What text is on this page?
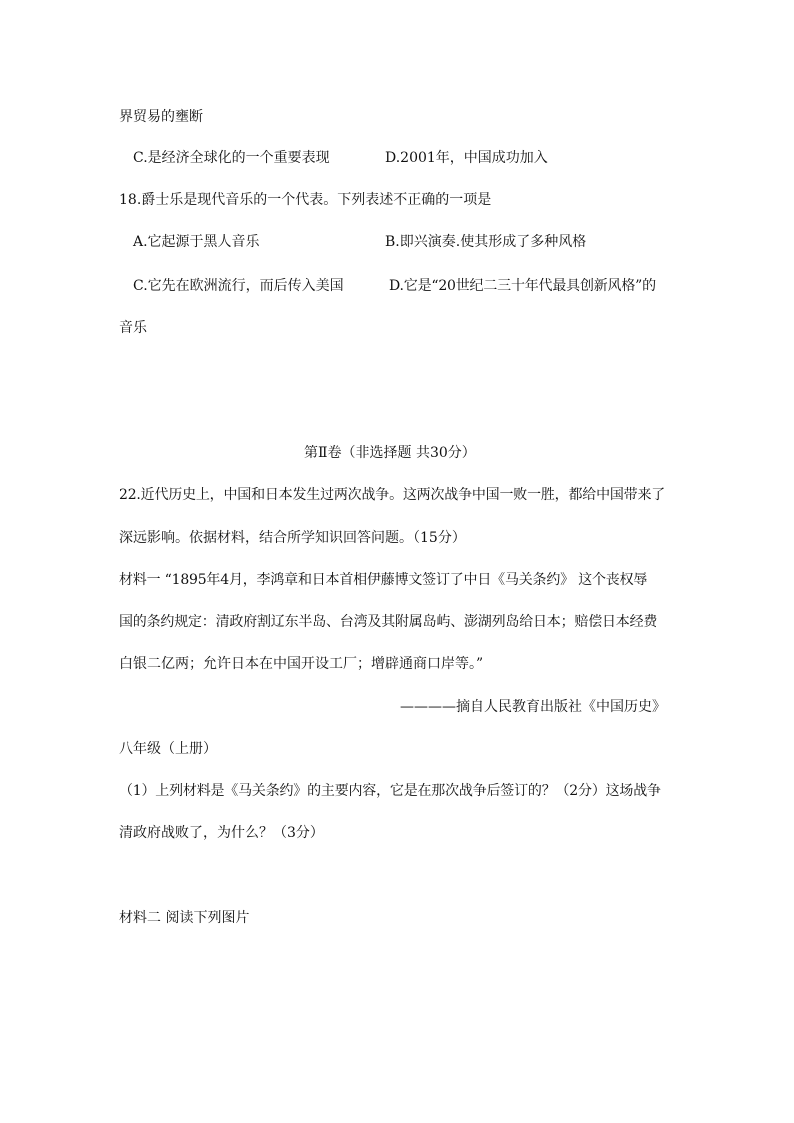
界贸易的壅断
C.是经济全球化的一个重要表现	D.2001年，中国成功加入
18.爵士乐是现代音乐的一个代表。下列表述不正确的一项是
A.它起源于黑人音乐	B.即兴演奏.使其形成了多种风格
C.它先在欧洲流行，而后传入美国	D.它是“20世纪二三十年代最具创新风格”的
音乐
第Ⅱ卷（非选择题 共30分）
22.近代历史上，中国和日本发生过两次战争。这两次战争中国一败一胜，都给中国带来了
深远影响。依据材料，结合所学知识回答问题。（15分）
材料一 “1895年4月，李鸿章和日本首相伊藤博文签订了中日《马关条约》 这个丧权辱
国的条约规定：清政府割辽东半岛、台湾及其附属岛屿、澎湖列岛给日本；赔偿日本经费
白银二亿两；允许日本在中国开设工厂；增辟通商口岸等。”
————摘自人民教育出版社《中国历史》
八年级（上册）
（1）上列材料是《马关条约》的主要内容，它是在那次战争后签订的？（2分）这场战争
清政府战败了，为什么？（3分）
材料二 阅读下列图片
